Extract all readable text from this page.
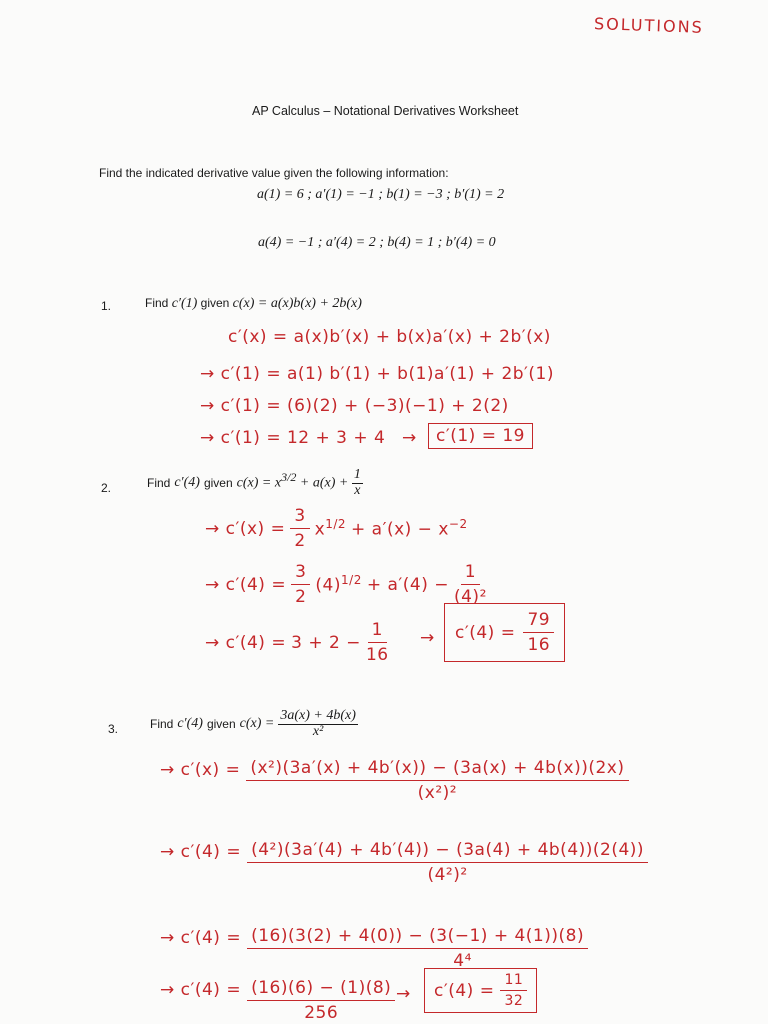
SOLUTIONS
AP Calculus – Notational Derivatives Worksheet
Find the indicated derivative value given the following information:
a(1) = 6 ; a′(1) = −1 ; b(1) = −3 ; b′(1) = 2
a(4) = −1 ; a′(4) = 2 ; b(4) = 1 ; b′(4) = 0
1.	Find c′(1) given c(x) = a(x)b(x) + 2b(x)
c′(x) = a(x)b′(x) + b(x)a′(x) + 2b′(x)
→ c′(1) = a(1) b′(1) + b(1)a′(1) + 2b′(1)
→ c′(1) = (6)(2) + (−3)(−1) + 2(2)
→ c′(1) = 12 + 3 + 4 →	c′(1) = 19
2.	Find c′(4) given $c(x) = x^{3/2} + a(x) + \frac{1}{x}$
→ $c'(x) = \frac{3}{2} x^{1/2} + a'(x) - x^{-2}$
→ $c'(4) = \frac{3}{2} (4)^{1/2} + a'(4) - \frac{1}{\text{(4)²}}$
→ $c'(4) = 3 + 2 - \frac{1}{16} \to c'(4) = \frac{79}{16}$
3.	Find c′(4) given $c(x) = \frac{3a(x) + 4b(x)}{\text{x²}}$
→ $c'(x) = \frac{\text{(x²)(3a′(x) + 4b′(x)) − (3a(x) + 4b(x))(2x)}}{\text{(x²)²}}$
→ $c'(4) = \frac{\text{(4²)(3a′(4) + 4b′(4)) − (3a(4) + 4b(4))(2(4))}}{\text{(4²)²}}$
→ $c'(4) = \frac{(16)(3(2) + 4(0)) - (3(-1) + 4(1))(8)}{\text{4⁴}}$
→ $c'(4) = \frac{(16)(6) - (1)(8)}{256} \to c'(4) = \frac{11}{32}$
